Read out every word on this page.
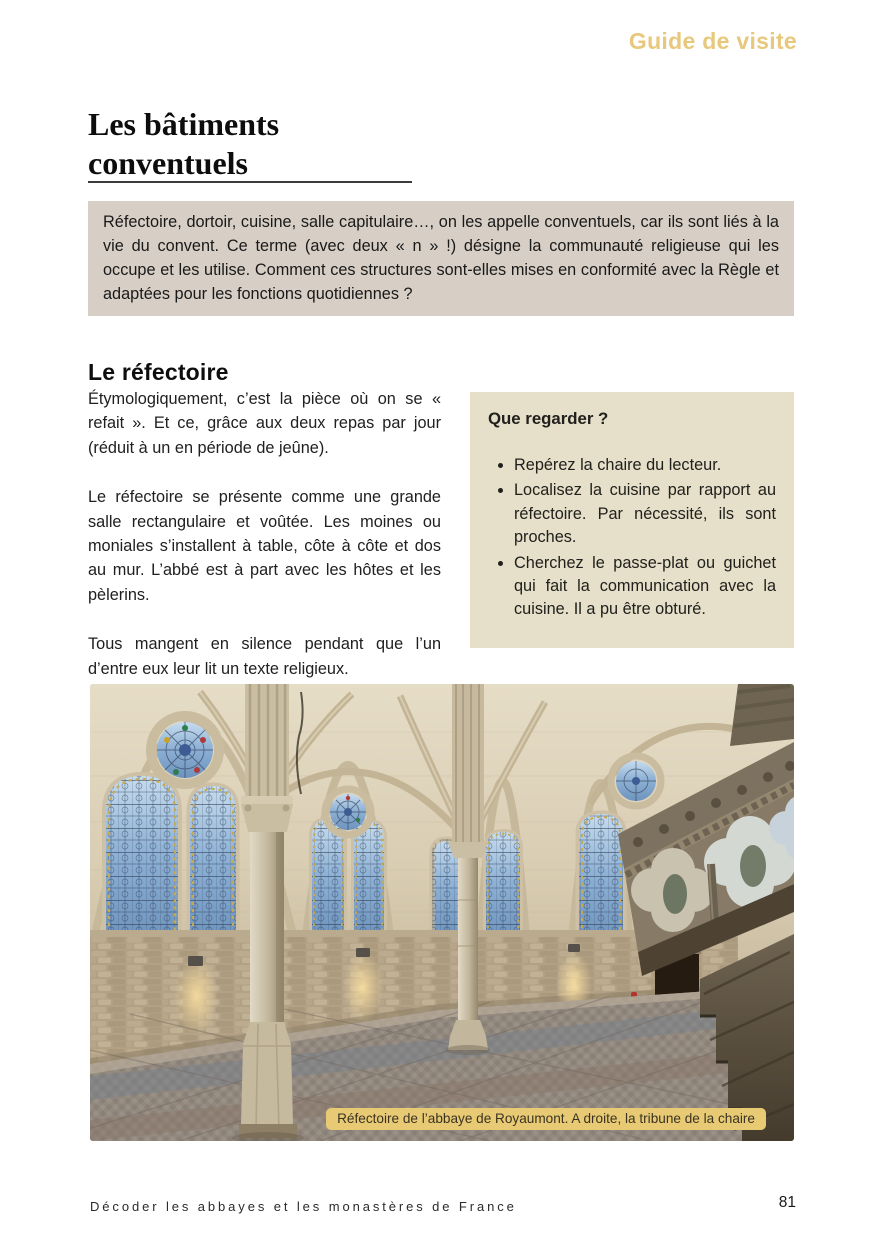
Guide de visite
Les bâtiments conventuels
Réfectoire, dortoir, cuisine, salle capitulaire…, on les appelle conventuels, car ils sont liés à la vie du convent. Ce terme (avec deux « n » !) désigne la communauté religieuse qui les occupe et les utilise. Comment ces structures sont-elles mises en conformité avec la Règle et adaptées pour les fonctions quotidiennes ?
Le réfectoire

Étymologiquement, c’est la pièce où on se « refait ». Et ce, grâce aux deux repas par jour (réduit à un en période de jeûne).

Le réfectoire se présente comme une grande salle rectangulaire et voûtée. Les moines ou moniales s’installent à table, côte à côte et dos au mur. L’abbé est à part avec les hôtes et les pèlerins.

Tous mangent en silence pendant que l’un d’entre eux leur lit un texte religieux.

Que regarder ?
• Repérez la chaire du lecteur.
• Localisez la cuisine par rapport au réfectoire. Par nécessité, ils sont proches.
• Cherchez le passe-plat ou guichet qui fait la communication avec la cuisine. Il a pu être obturé.
Réfectoire de l’abbaye de Royaumont. A droite, la tribune de la chaire
Décoder les abbayes et les monastères de France	81
